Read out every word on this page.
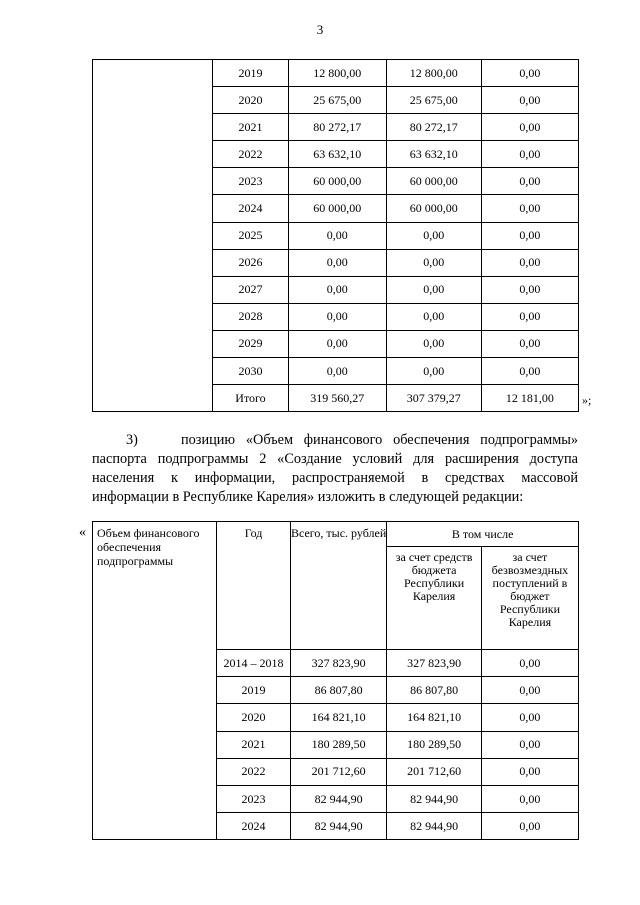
3
	2019	12 800,00	12 800,00	0,00
	2020	25 675,00	25 675,00	0,00
	2021	80 272,17	80 272,17	0,00
	2022	63 632,10	63 632,10	0,00
	2023	60 000,00	60 000,00	0,00
	2024	60 000,00	60 000,00	0,00
	2025	0,00	0,00	0,00
	2026	0,00	0,00	0,00
	2027	0,00	0,00	0,00
	2028	0,00	0,00	0,00
	2029	0,00	0,00	0,00
	2030	0,00	0,00	0,00
	Итого	319 560,27	307 379,27	12 181,00 »;
3)	позицию «Объем финансового обеспечения подпрограммы» паспорта подпрограммы 2 «Создание условий для расширения доступа населения к информации, распространяемой в средствах массовой информации в Республике Карелия» изложить в следующей редакции:
« Объем финансового обеспечения подпрограммы	Год	Всего, тыс. рублей	В том числе	
			за счет средств бюджета Республики Карелия	за счет безвозмездных поступлений в бюджет Республики Карелия
	2014 – 2018	327 823,90	327 823,90	0,00
	2019	86 807,80	86 807,80	0,00
	2020	164 821,10	164 821,10	0,00
	2021	180 289,50	180 289,50	0,00
	2022	201 712,60	201 712,60	0,00
	2023	82 944,90	82 944,90	0,00
	2024	82 944,90	82 944,90	0,00
